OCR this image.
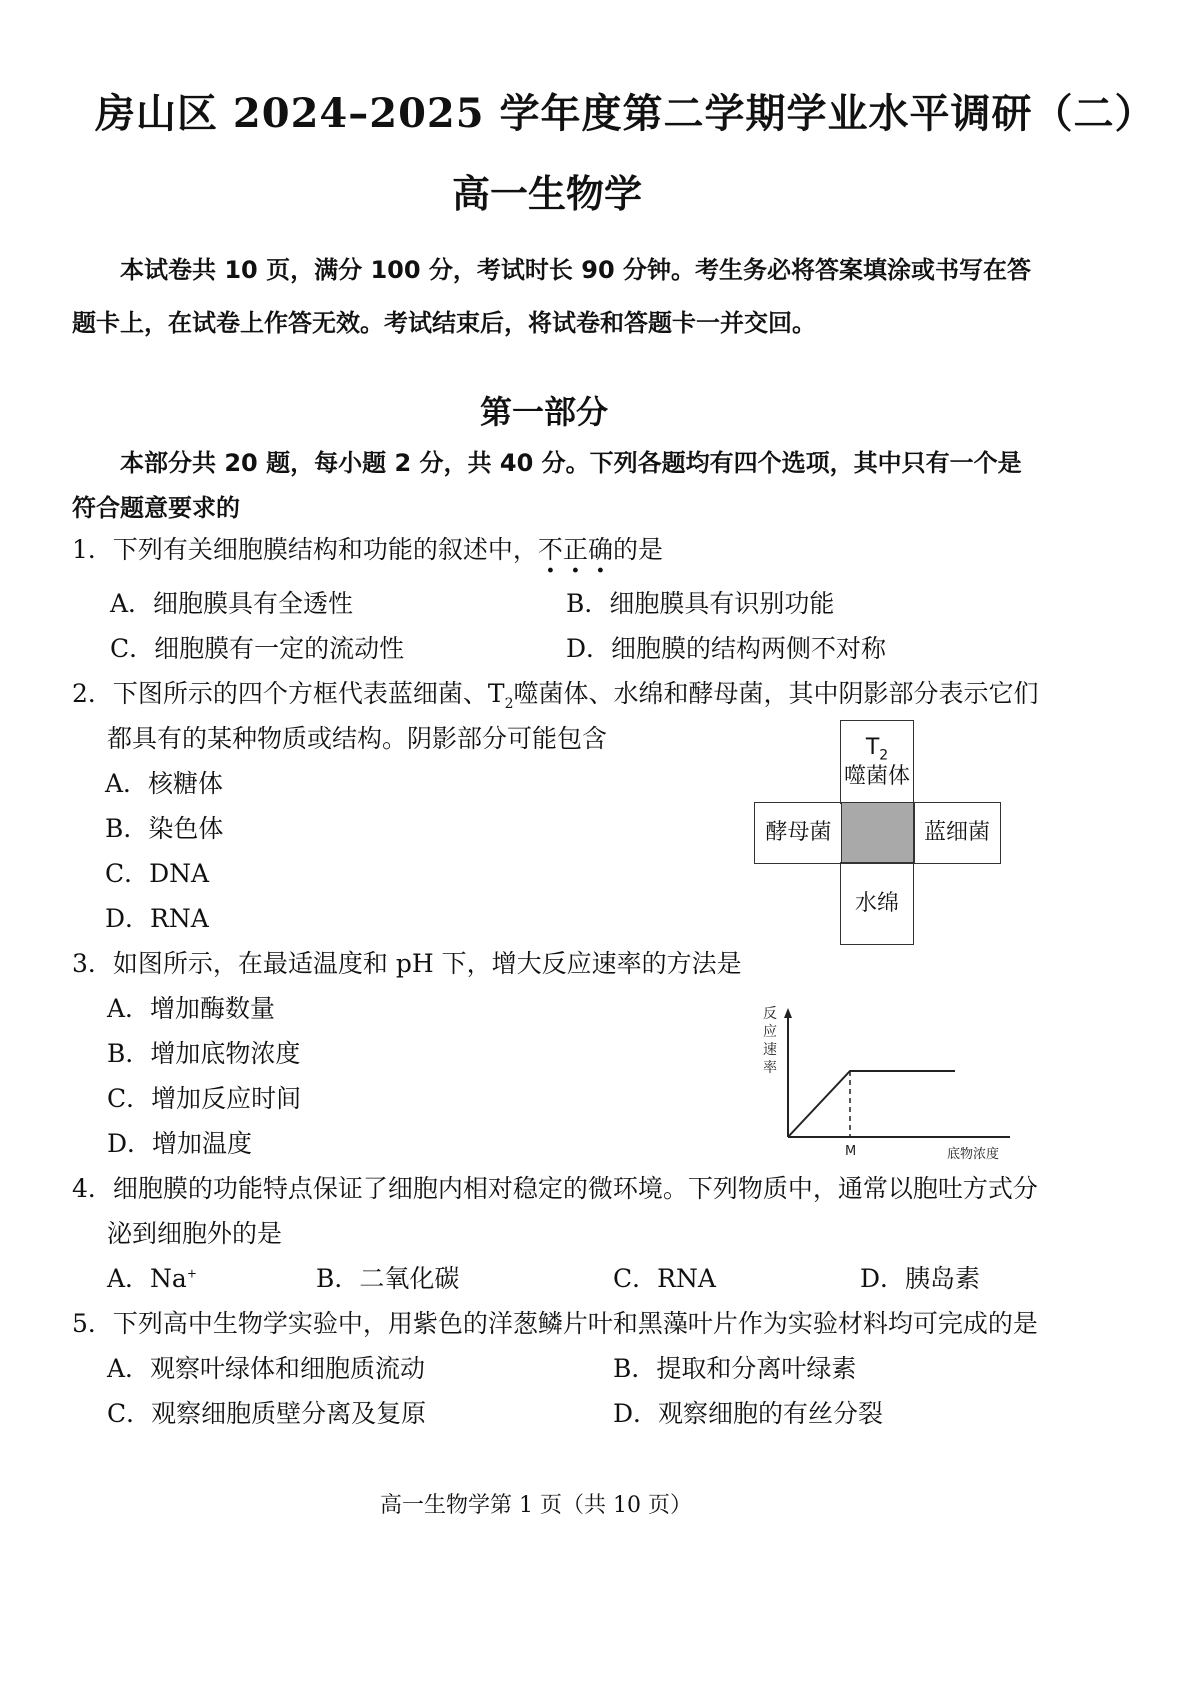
房山区 2024–2025 学年度第二学期学业水平调研（二）
高一生物学
本试卷共 10 页，满分 100 分，考试时长 90 分钟。考生务必将答案填涂或书写在答
题卡上，在试卷上作答无效。考试结束后，将试卷和答题卡一并交回。
第一部分
本部分共 20 题，每小题 2 分，共 40 分。下列各题均有四个选项，其中只有一个是
符合题意要求的
1．下列有关细胞膜结构和功能的叙述中，不正确的是
A．细胞膜具有全透性	B．细胞膜具有识别功能
C．细胞膜有一定的流动性	D．细胞膜的结构两侧不对称
2．下图所示的四个方框代表蓝细菌、$T_2$噬菌体、水绵和酵母菌，其中阴影部分表示它们
都具有的某种物质或结构。阴影部分可能包含
A．核糖体
B．染色体
C．DNA
D．RNA
$T_2$
噬菌体
酵母菌	蓝细菌
水绵
3．如图所示，在最适温度和 pH 下，增大反应速率的方法是
A．增加酶数量
B．增加底物浓度
C．增加反应时间
D．增加温度
反
应
速
率
M	底物浓度
4．细胞膜的功能特点保证了细胞内相对稳定的微环境。下列物质中，通常以胞吐方式分
泌到细胞外的是
A．Na+	B．二氧化碳	C．RNA	D．胰岛素
5．下列高中生物学实验中，用紫色的洋葱鳞片叶和黑藻叶片作为实验材料均可完成的是
A．观察叶绿体和细胞质流动	B．提取和分离叶绿素
C．观察细胞质壁分离及复原	D．观察细胞的有丝分裂
高一生物学第 1 页（共 10 页）
